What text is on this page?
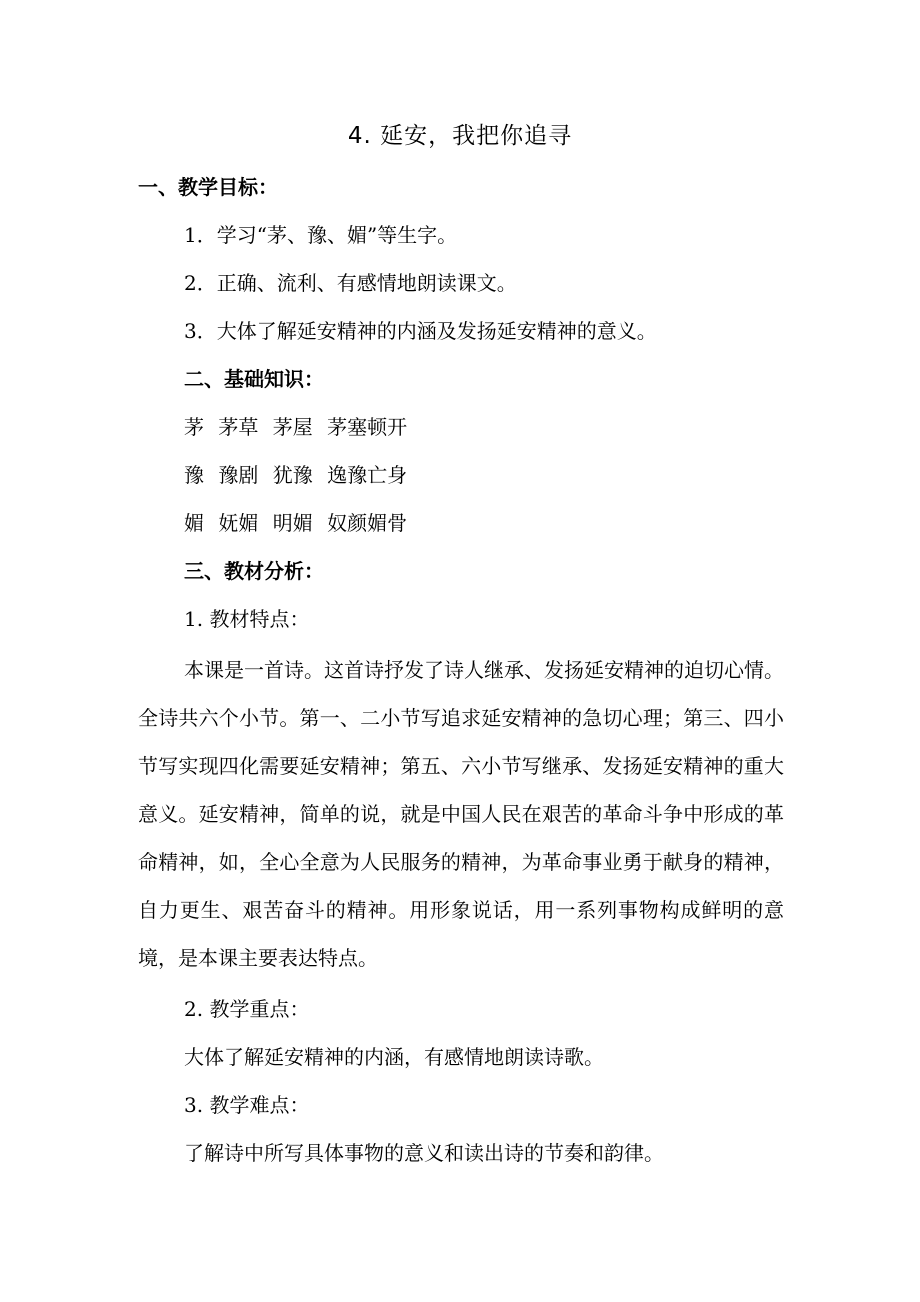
4. 延安，我把你追寻
一、教学目标：
1．学习“茅、豫、媚”等生字。
2．正确、流利、有感情地朗读课文。
3．大体了解延安精神的内涵及发扬延安精神的意义。
二、基础知识：
茅 茅草 茅屋 茅塞顿开
豫 豫剧 犹豫 逸豫亡身
媚 妩媚 明媚 奴颜媚骨
三、教材分析：
1. 教材特点：
本课是一首诗。这首诗抒发了诗人继承、发扬延安精神的迫切心情。全诗共六个小节。第一、二小节写追求延安精神的急切心理；第三、四小节写实现四化需要延安精神；第五、六小节写继承、发扬延安精神的重大意义。延安精神，简单的说，就是中国人民在艰苦的革命斗争中形成的革命精神，如，全心全意为人民服务的精神，为革命事业勇于献身的精神，自力更生、艰苦奋斗的精神。用形象说话，用一系列事物构成鲜明的意境，是本课主要表达特点。
2. 教学重点：
大体了解延安精神的内涵，有感情地朗读诗歌。
3. 教学难点：
了解诗中所写具体事物的意义和读出诗的节奏和韵律。
